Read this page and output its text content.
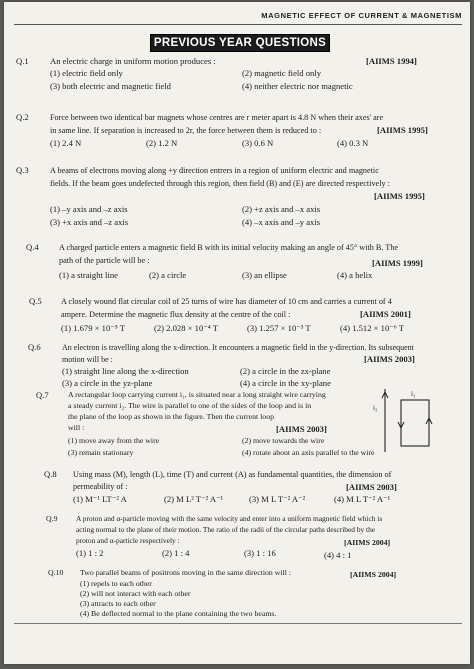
MAGNETIC EFFECT OF CURRENT & MAGNETISM
PREVIOUS YEAR QUESTIONS
Q.1 An electric charge in uniform motion produces :	[AIIMS 1994]
(1) electric field only	(2) magnetic field only
(3) both electric and magnetic field	(4) neither electric nor magnetic
Q.2	Force between two identical bar magnets whose centres are r meter apart is 4.8 N when their axes' are
in same line. If separation is increased to 2r, the force between them is reduced to :	[AIIMS 1995]
(1) 2.4 N	(2) 1.2 N	(3) 0.6 N	(4) 0.3 N
Q.3	A beams of electrons moving along +y direction entrers in a region of uniform electric and magnetic
fields. If the beam goes undefected through this region, then field (B) and (E) are directed respectively :
[AIIMS 1995]
(1) –y axis and –z axis	(2) +z axis and –x axis
(3) +x axis and –z axis	(4) –x axis and –y axis
Q.4 A charged particle enters a magnetic field B with its initial velocity making an angle of 45° with B. The
path of the particle will be :	[AIIMS 1999]
(1) a straight line	(2) a circle	(3) an ellipse	(4) a helix
Q.5 A closely wound flat circular coil of 25 turns of wire has diameter of 10 cm and carries a current of 4
ampere. Determine the magnetic flux density at the centre of the coil :	[AIIMS 2001]
(1) 1.679 × 10⁻⁵ T	(2) 2.028 × 10⁻⁴ T	(3) 1.257 × 10⁻³ T	(4) 1.512 × 10⁻⁶ T
Q.6	An electron is travelling along the x-direction. It encounters a magnetic field in the y-direction. Its subsequent
motion will be :	[AIIMS 2003]
(1) straight line along the x-direction	(2) a circle in the zx-plane
(3) a circle in the yz-plane	(4) a circle in the xy-plane
Q.7 A rectangular loop carrying current i₁, is situated near a long straight wire carrying
a steady current i₂. The wire is parallel to one of the sides of the loop and is in
the plane of the loop as shown in the figure. Then the current loop
will :	[AIIMS 2003]
(1) move away from the wire	(2) move towards the wire
(3) remain stationary	(4) rotate about an axis parallel to the wire
i₂
i₁
Q.8 Using mass (M), length (L), time (T) and current (A) as fundamental quantities, the dimension of
permeability of :	[AIIMS 2003]
(1) M⁻¹ LT⁻² A	(2) M L² T⁻² A⁻¹	(3) M L T⁻² A⁻²	(4) M L T⁻² A⁻¹
Q.9	A proton and α-particle moving with the same velocity and enter into a uniform magnetic field which is
acting normal to the plane of their motion. The ratio of the radii of the circular paths described by the
proton and α-particle respectively :	[AIIMS 2004]
(1) 1 : 2	(2) 1 : 4	(3) 1 : 16	(4) 4 : 1
Q.10 Two parallel beams of positrons moving in the same direction will :	[AIIMS 2004]
(1) repels to each other
(2) will not interact with each other
(3) attracts to each other
(4) Be deflected normal to the plane containing the two beams.
